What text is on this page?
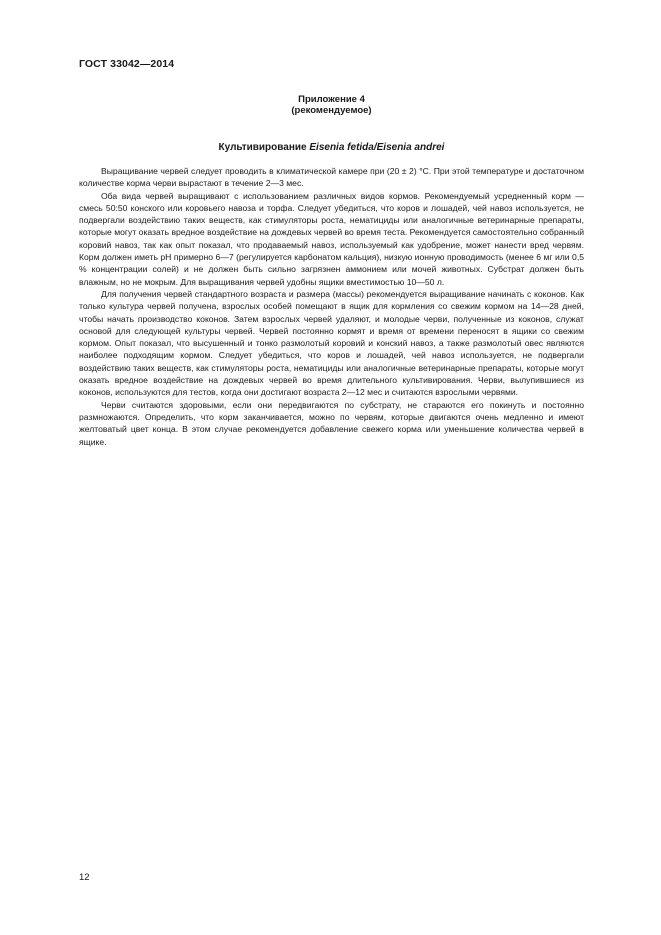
ГОСТ 33042—2014
Приложение 4
(рекомендуемое)
Культивирование Eisenia fetida/Eisenia andrei

Выращивание червей следует проводить в климатической камере при (20 ± 2) °C. При этой температуре и достаточном количестве корма черви вырастают в течение 2—3 мес.

Оба вида червей выращивают с использованием различных видов кормов. Рекомендуемый усредненный корм — смесь 50:50 конского или коровьего навоза и торфа. Следует убедиться, что коров и лошадей, чей навоз используется, не подвергали воздействию таких веществ, как стимуляторы роста, нематициды или аналогичные ветеринарные препараты, которые могут оказать вредное воздействие на дождевых червей во время теста. Рекомендуется самостоятельно собранный коровий навоз, так как опыт показал, что продаваемый навоз, используемый как удобрение, может нанести вред червям. Корм должен иметь pH примерно 6—7 (регулируется карбонатом кальция), низкую ионную проводимость (менее 6 мг или 0,5 % концентрации солей) и не должен быть сильно загрязнен аммонием или мочей животных. Субстрат должен быть влажным, но не мокрым. Для выращивания червей удобны ящики вместимостью 10—50 л.

Для получения червей стандартного возраста и размера (массы) рекомендуется выращивание начинать с коконов. Как только культура червей получена, взрослых особей помещают в ящик для кормления со свежим кормом на 14—28 дней, чтобы начать производство коконов. Затем взрослых червей удаляют, и молодые черви, полученные из коконов, служат основой для следующей культуры червей. Червей постоянно кормят и время от времени переносят в ящики со свежим кормом. Опыт показал, что высушенный и тонко размолотый коровий и конский навоз, а также размолотый овес являются наиболее подходящим кормом. Следует убедиться, что коров и лошадей, чей навоз используется, не подвергали воздействию таких веществ, как стимуляторы роста, нематициды или аналогичные ветеринарные препараты, которые могут оказать вредное воздействие на дождевых червей во время длительного культивирования. Черви, вылупившиеся из коконов, используются для тестов, когда они достигают возраста 2—12 мес и считаются взрослыми червями.

Черви считаются здоровыми, если они передвигаются по субстрату, не стараются его покинуть и постоянно размножаются. Определить, что корм заканчивается, можно по червям, которые двигаются очень медленно и имеют желтоватый цвет конца. В этом случае рекомендуется добавление свежего корма или уменьшение количества червей в ящике.

12
